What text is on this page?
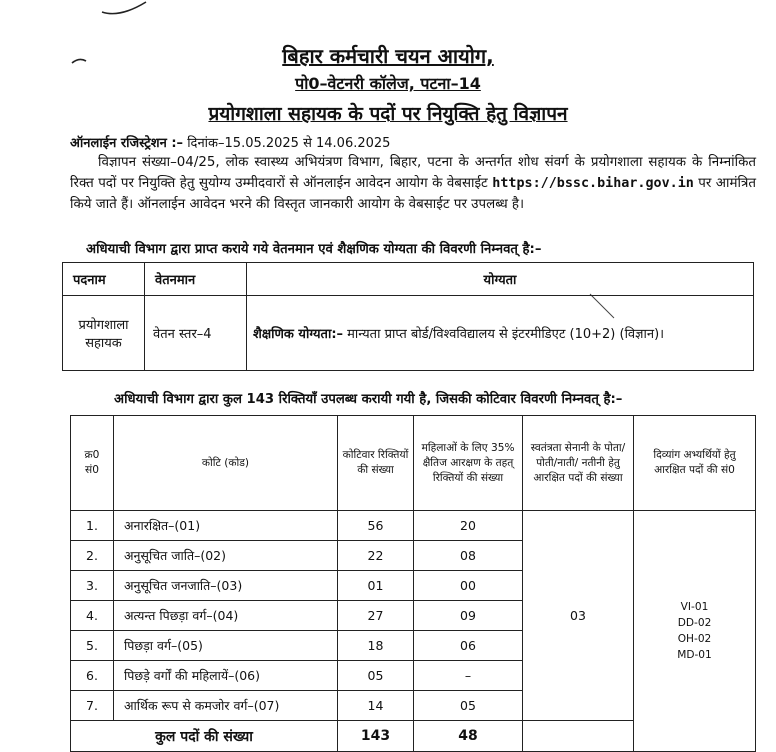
बिहार कर्मचारी चयन आयोग,
पो0–वेटनरी कॉलेज, पटना–14
प्रयोगशाला सहायक के पदों पर नियुक्ति हेतु विज्ञापन
ऑनलाईन रजिस्ट्रेशन :– दिनांक–15.05.2025 से 14.06.2025
विज्ञापन संख्या–04/25, लोक स्वास्थ्य अभियंत्रण विभाग, बिहार, पटना के अन्तर्गत शोध संवर्ग के प्रयोगशाला सहायक के निम्नांकित रिक्त पदों पर नियुक्ति हेतु सुयोग्य उम्मीदवारों से ऑनलाईन आवेदन आयोग के वेबसाईट https://bssc.bihar.gov.in पर आमंत्रित किये जाते हैं। ऑनलाईन आवेदन भरने की विस्तृत जानकारी आयोग के वेबसाईट पर उपलब्ध है।
अधियाची विभाग द्वारा प्राप्त कराये गये वेतनमान एवं शैक्षणिक योग्यता की विवरणी निम्नवत् है:–
पदनाम	वेतनमान	योग्यता

प्रयोगशाला
सहायक	वेतन स्तर–4	शैक्षणिक योग्यता:– मान्यता प्राप्त बोर्ड/विश्वविद्यालय से इंटरमीडिएट (10+2) (विज्ञान)।
अधियाची विभाग द्वारा कुल 143 रिक्तियाँ उपलब्ध करायी गयी है, जिसकी कोटिवार विवरणी निम्नवत् है:–
क्र0
सं0	कोटि (कोड)	कोटिवार रिक्तियों की संख्या	महिलाओं के लिए 35% क्षैतिज आरक्षण के तहत् रिक्तियों की संख्या	स्वतंत्रता सेनानी के पोता/पोती/नाती/ नतीनी हेतु आरक्षित पदों की संख्या	दिव्यांग अभ्यर्थियों हेतु आरक्षित पदों की सं0
1.	अनारक्षित–(01)	56	20	03	VI-01
DD-02
OH-02
MD-01

2.	अनुसूचित जाति–(02)	22	08		
3.	अनुसूचित जनजाति–(03)	01	00		
4.	अत्यन्त पिछड़ा वर्ग–(04)	27	09		
5.	पिछड़ा वर्ग–(05)	18	06		
6.	पिछड़े वर्गों की महिलायें–(06)	05	–		
7.	आर्थिक रूप से कमजोर वर्ग–(07)	14	05		
कुल पदों की संख्या		143	48		
